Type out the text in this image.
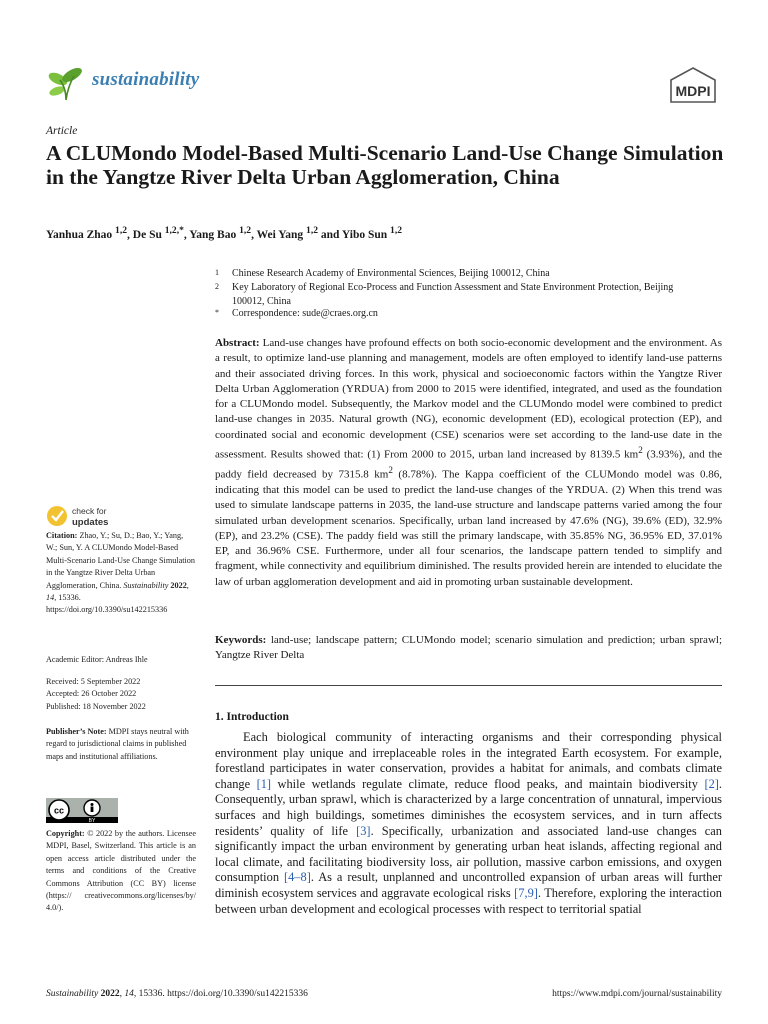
sustainability
MDPI
Article
A CLUMondo Model-Based Multi-Scenario Land-Use Change Simulation in the Yangtze River Delta Urban Agglomeration, China
Yanhua Zhao $^{1,2}$, De Su $^{1,2,*}$, Yang Bao $^{1,2}$, Wei Yang $^{1,2}$ and Yibo Sun $^{1,2}$
1 Chinese Research Academy of Environmental Sciences, Beijing 100012, China
2 Key Laboratory of Regional Eco-Process and Function Assessment and State Environment Protection, Beijing 100012, China
* Correspondence: sude@craes.org.cn
Abstract: Land-use changes have profound effects on both socio-economic development and the environment. As a result, to optimize land-use planning and management, models are often employed to identify land-use patterns and their associated driving forces. In this work, physical and socioeconomic factors within the Yangtze River Delta Urban Agglomeration (YRDUA) from 2000 to 2015 were identified, integrated, and used as the foundation for a CLUMondo model. Subsequently, the Markov model and the CLUMondo model were combined to predict land-use changes in 2035. Natural growth (NG), economic development (ED), ecological protection (EP), and coordinated social and economic development (CSE) scenarios were set according to the land-use date in the assessment. Results showed that: (1) From 2000 to 2015, urban land increased by 8139.5 $km^2$ (3.93%), and the paddy field decreased by 7315.8 $km^2$ (8.78%). The Kappa coefficient of the CLUMondo model was 0.86, indicating that this model can be used to predict the land-use changes of the YRDUA. (2) When this trend was used to simulate landscape patterns in 2035, the land-use structure and landscape patterns varied among the four simulated urban development scenarios. Specifically, urban land increased by 47.6% (NG), 39.6% (ED), 32.9% (EP), and 23.2% (CSE). The paddy field was still the primary landscape, with 35.85% NG, 36.95% ED, 37.01% EP, and 36.96% CSE. Furthermore, under all four scenarios, the landscape pattern tended to simplify and fragment, while connectivity and equilibrium diminished. The results provided herein are intended to elucidate the law of urban agglomeration development and aid in promoting urban sustainable development.
Keywords: land-use; landscape pattern; CLUMondo model; scenario simulation and prediction; urban sprawl; Yangtze River Delta
1. Introduction
Each biological community of interacting organisms and their corresponding physical environment play unique and irreplaceable roles in the integrated Earth ecosystem. For example, forestland participates in water conservation, provides a habitat for animals, and combats climate change [1] while wetlands regulate climate, reduce flood peaks, and maintain biodiversity [2]. Consequently, urban sprawl, which is characterized by a large concentration of unnatural, impervious surfaces and high buildings, sometimes diminishes the ecosystem services, and in turn affects residents’ quality of life [3]. Specifically, urbanization and associated land-use changes can significantly impact the urban environment by generating urban heat islands, affecting regional and local climate, and facilitating biodiversity loss, air pollution, massive carbon emissions, and oxygen consumption [4–8]. As a result, unplanned and uncontrolled expansion of urban areas will further diminish ecosystem services and aggravate ecological risks [7,9]. Therefore, exploring the interaction between urban development and ecological processes with respect to territorial spatial
check for
updates
Citation: Zhao, Y.; Su, D.; Bao, Y.; Yang, W.; Sun, Y. A CLUMondo Model-Based Multi-Scenario Land-Use Change Simulation in the Yangtze River Delta Urban Agglomeration, China. Sustainability 2022, 14, 15336. https://doi.org/10.3390/su142215336
Academic Editor: Andreas Ihle
Received: 5 September 2022
Accepted: 26 October 2022
Published: 18 November 2022
Publisher’s Note: MDPI stays neutral with regard to jurisdictional claims in published maps and institutional affiliations.
cc
BY
Copyright: © 2022 by the authors. Licensee MDPI, Basel, Switzerland. This article is an open access article distributed under the terms and conditions of the Creative Commons Attribution (CC BY) license (https:// creativecommons.org/licenses/by/ 4.0/).
Sustainability 2022, 14, 15336. https://doi.org/10.3390/su142215336	https://www.mdpi.com/journal/sustainability
